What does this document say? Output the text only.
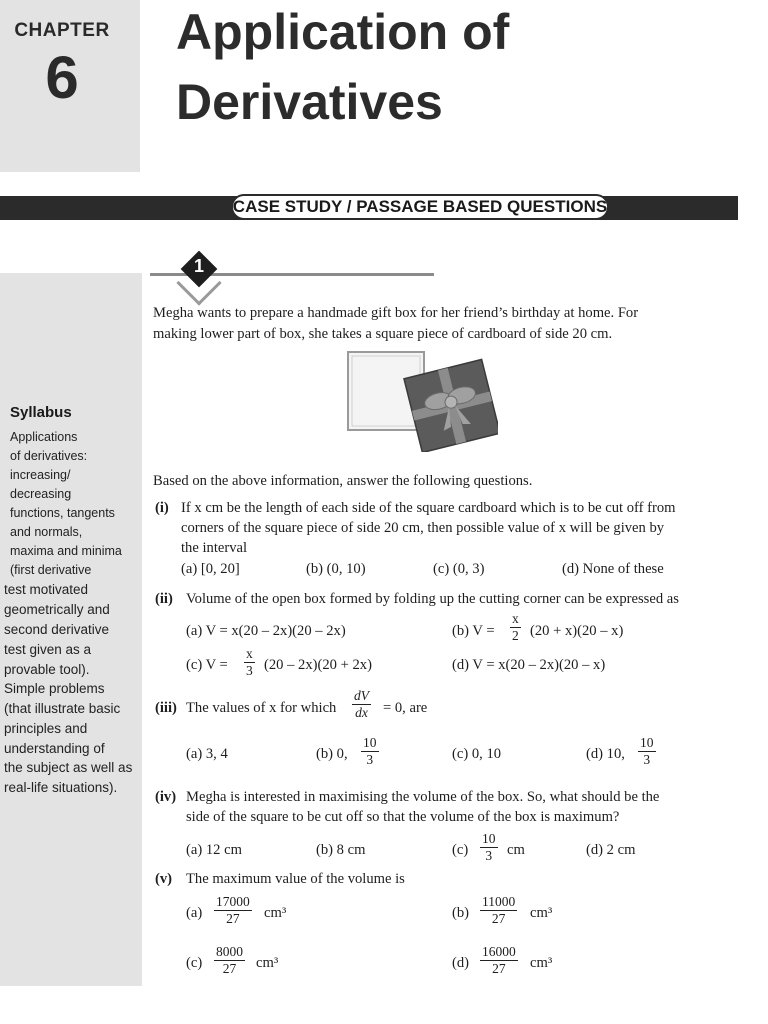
CHAPTER
6
Application of
Derivatives
CASE STUDY / PASSAGE BASED QUESTIONS
Syllabus
Applications
of derivatives:
increasing/
decreasing
functions, tangents
and normals,
maxima and minima
(first derivative
test motivated
geometrically and
second derivative
test given as a
provable tool).
Simple problems
(that illustrate basic
principles and
understanding of
the subject as well as
real-life situations).
1
Megha wants to prepare a handmade gift box for her friend’s birthday at home. For
making lower part of box, she takes a square piece of cardboard of side 20 cm.
Based on the above information, answer the following questions.
(i) If x cm be the length of each side of the square cardboard which is to be cut off from
corners of the square piece of side 20 cm, then possible value of x will be given by
the interval
(a) [0, 20]	(b) (0, 10)	(c) (0, 3)	(d) None of these
(ii) Volume of the open box formed by folding up the cutting corner can be expressed as
(a) V = x(20 – 2x)(20 – 2x)	(b) $V = \frac{x}{2} (20 + x)(20 - x)$
(c) $V = \frac{x}{3} (20 - 2x)(20 + 2x)$	(d) V = x(20 – 2x)(20 – x)
(iii) The values of x for which $\frac{dV}{dx} = 0$, are
(a) 3, 4	(b) 0, $\frac{10}{3}$	(c) 0, 10	(d) 10, $\frac{10}{3}$
(iv) Megha is interested in maximising the volume of the box. So, what should be the
side of the square to be cut off so that the volume of the box is maximum?
(a) 12 cm	(b) 8 cm	$(c) \frac{10}{3}$ cm	(d) 2 cm
(v) The maximum value of the volume is
$(a) \frac{17000}{27} cm^3$	$(b) \frac{11000}{27} cm^3$
$(c) \frac{8000}{27} cm^3$	$(d) \frac{16000}{27} cm^3$
